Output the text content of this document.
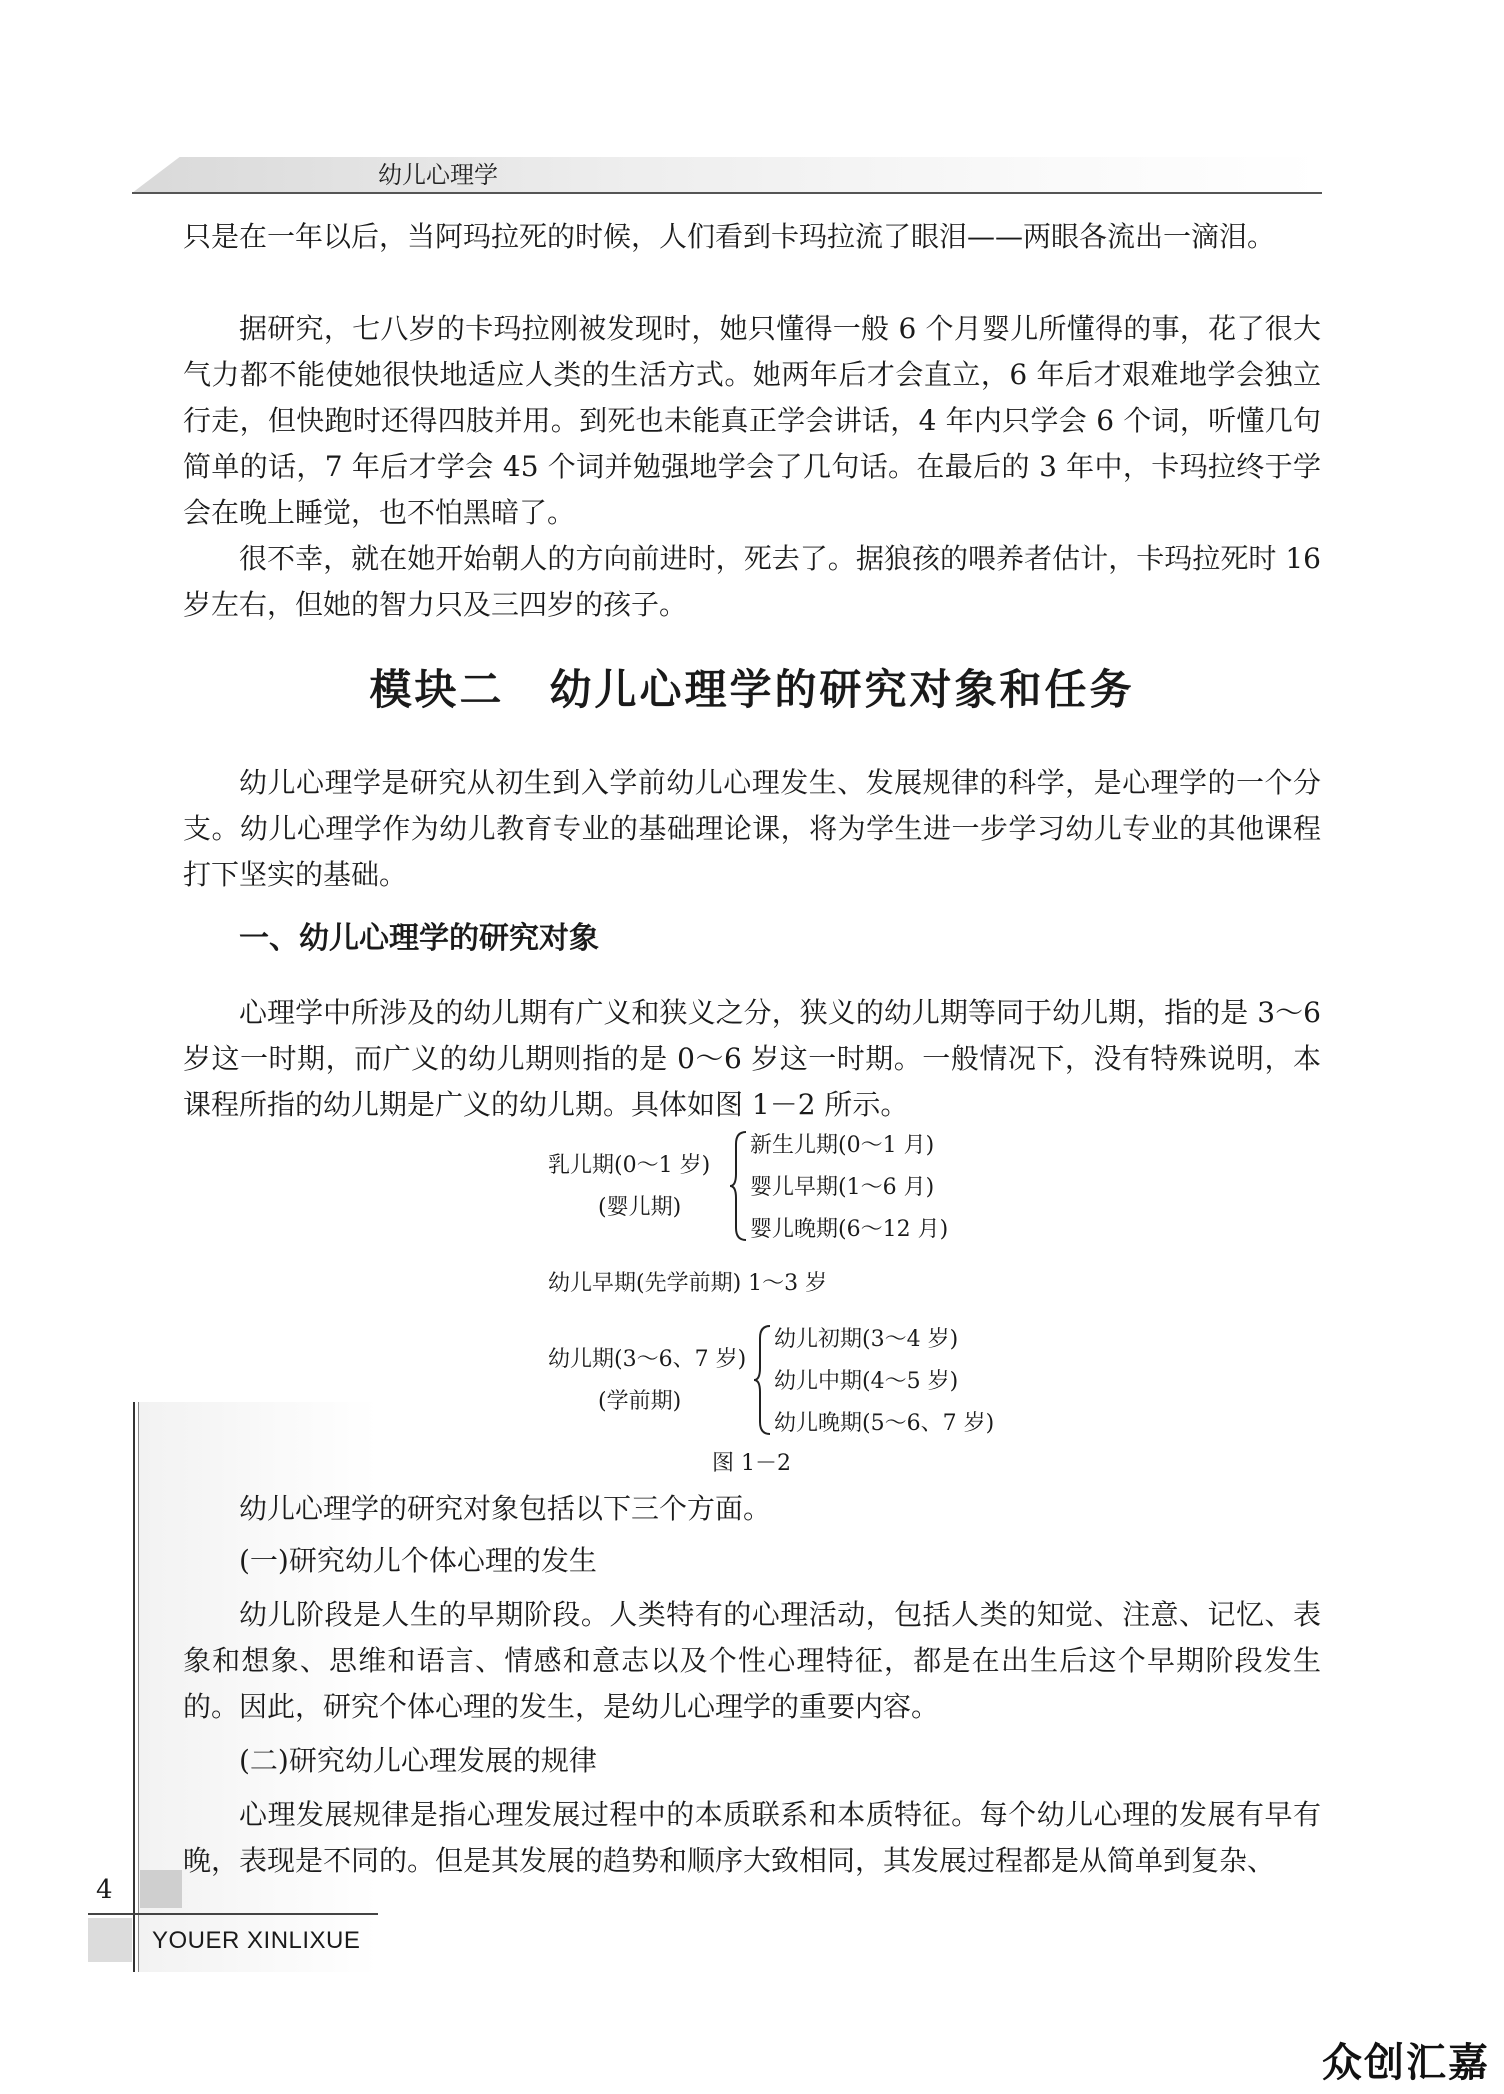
幼儿心理学

只是在一年以后，当阿玛拉死的时候，人们看到卡玛拉流了眼泪——两眼各流出一滴泪。

据研究，七八岁的卡玛拉刚被发现时，她只懂得一般 6 个月婴儿所懂得的事，花了很大气力都不能使她很快地适应人类的生活方式。她两年后才会直立，6 年后才艰难地学会独立行走，但快跑时还得四肢并用。到死也未能真正学会讲话，4 年内只学会 6 个词，听懂几句简单的话，7 年后才学会 45 个词并勉强地学会了几句话。在最后的 3 年中，卡玛拉终于学会在晚上睡觉，也不怕黑暗了。

很不幸，就在她开始朝人的方向前进时，死去了。据狼孩的喂养者估计，卡玛拉死时 16 岁左右，但她的智力只及三四岁的孩子。

模块二　幼儿心理学的研究对象和任务

幼儿心理学是研究从初生到入学前幼儿心理发生、发展规律的科学，是心理学的一个分支。幼儿心理学作为幼儿教育专业的基础理论课，将为学生进一步学习幼儿专业的其他课程打下坚实的基础。

一、幼儿心理学的研究对象

心理学中所涉及的幼儿期有广义和狭义之分，狭义的幼儿期等同于幼儿期，指的是 3～6 岁这一时期，而广义的幼儿期则指的是 0～6 岁这一时期。一般情况下，没有特殊说明，本课程所指的幼儿期是广义的幼儿期。具体如图 1－2 所示。

乳儿期(0～1 岁)
(婴儿期)
新生儿期(0～1 月)
婴儿早期(1～6 月)
婴儿晚期(6～12 月)
幼儿早期(先学前期) 1～3 岁
幼儿期(3～6、7 岁)
(学前期)
幼儿初期(3～4 岁)
幼儿中期(4～5 岁)
幼儿晚期(5～6、7 岁)
图 1－2

幼儿心理学的研究对象包括以下三个方面。

(一)研究幼儿个体心理的发生

幼儿阶段是人生的早期阶段。人类特有的心理活动，包括人类的知觉、注意、记忆、表象和想象、思维和语言、情感和意志以及个性心理特征，都是在出生后这个早期阶段发生的。因此，研究个体心理的发生，是幼儿心理学的重要内容。

(二)研究幼儿心理发展的规律

心理发展规律是指心理发展过程中的本质联系和本质特征。每个幼儿心理的发展有早有晚，表现是不同的。但是其发展的趋势和顺序大致相同，其发展过程都是从简单到复杂、

4
YOUER XINLIXUE
众创汇嘉
